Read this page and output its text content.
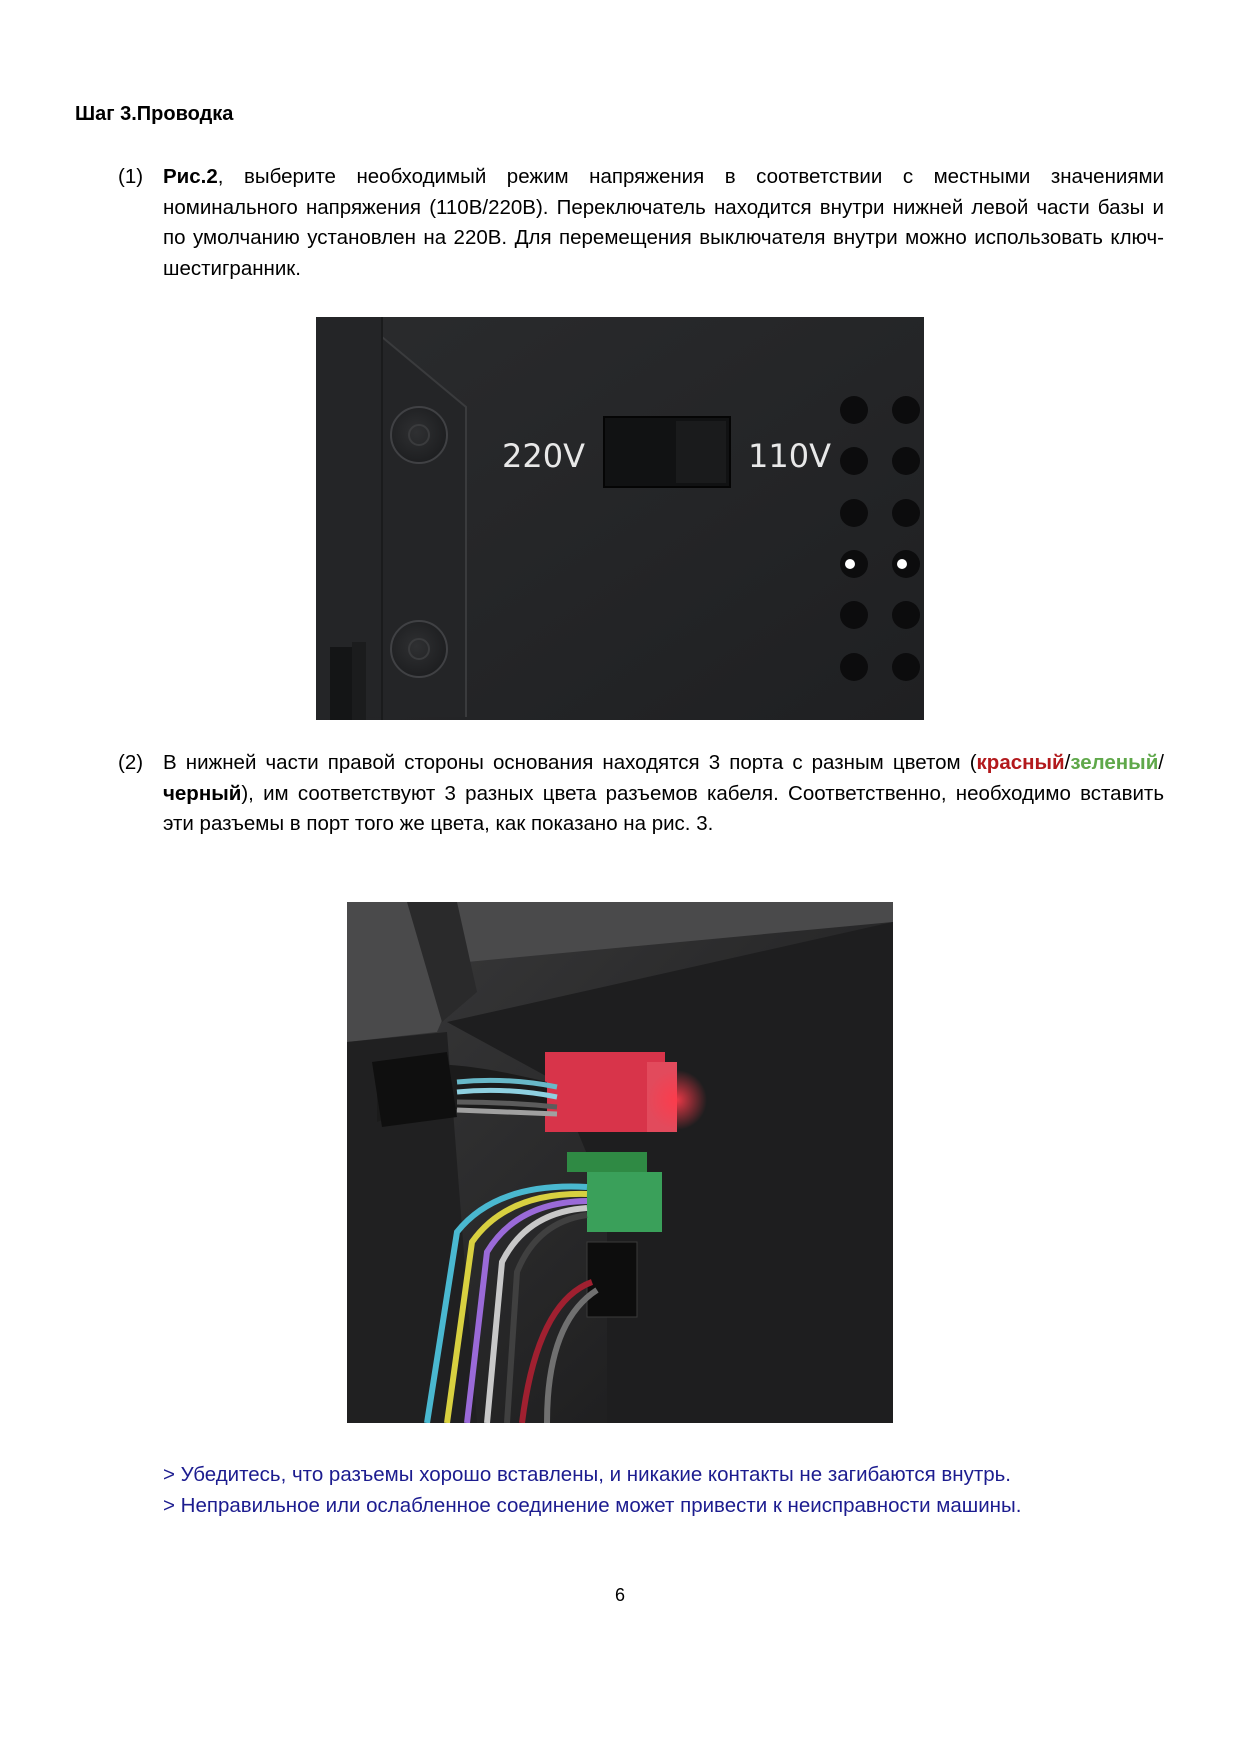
Шаг 3.Проводка
(1) Рис.2, выберите необходимый режим напряжения в соответствии с местными значениями номинального напряжения (110В/220В). Переключатель находится внутри нижней левой части базы и по умолчанию установлен на 220В. Для перемещения выключателя внутри можно использовать ключ-шестигранник.
220V	110V
(2) В нижней части правой стороны основания находятся 3 порта с разным цветом (красный/зеленый/черный), им соответствуют 3 разных цвета разъемов кабеля. Соответственно, необходимо вставить эти разъемы в порт того же цвета, как показано на рис. 3.
> Убедитесь, что разъемы хорошо вставлены, и никакие контакты не загибаются внутрь.
> Неправильное или ослабленное соединение может привести к неисправности машины.
6
